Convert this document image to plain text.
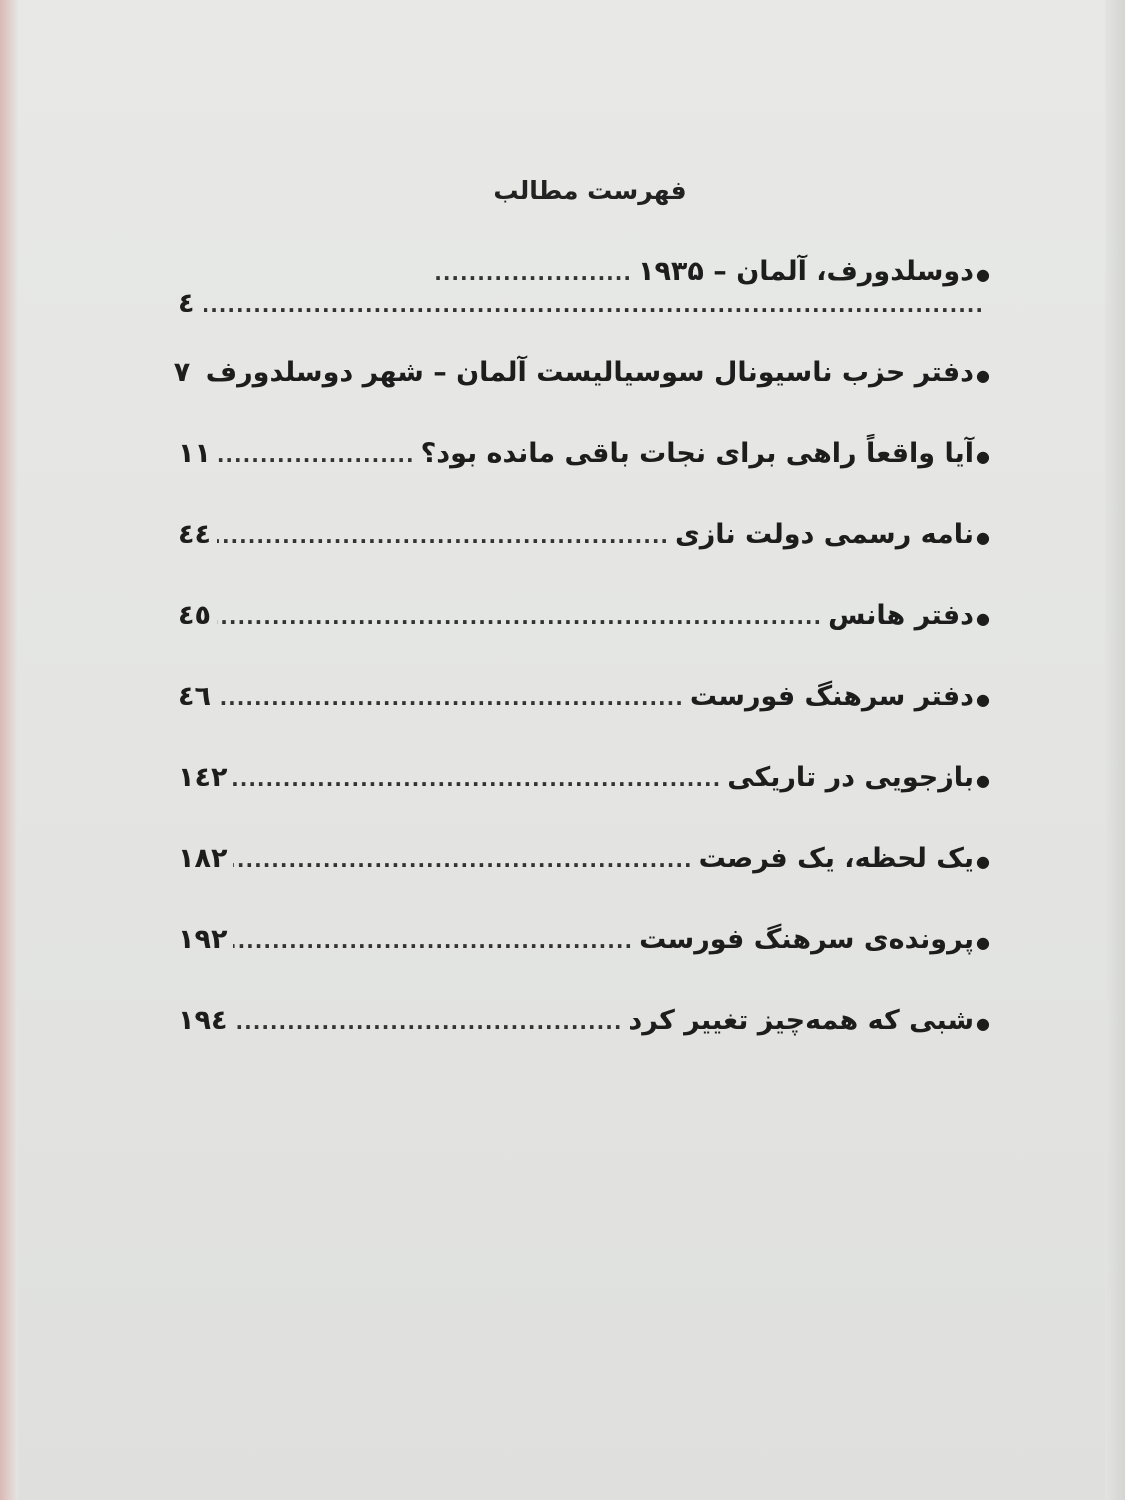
فهرست مطالب
●
دوسلدورف، آلمان – ۱۹۳۵
.....
.....
٤
●
دفتر حزب ناسیونال سوسیالیست آلمان – شهر دوسلدورف
۷
●
آیا واقعاً راهی برای نجات باقی مانده بود؟
.....
۱۱
●
نامه رسمی دولت نازی
.....
٤٤
●
دفتر هانس
.....
٤٥
●
دفتر سرهنگ فورست
.....
٤٦
●
بازجویی در تاریکی
.....
۱٤۲
●
یک لحظه، یک فرصت
.....
۱۸۲
●
پرونده‌ی سرهنگ فورست
.....
۱۹۲
●
شبی که همه‌چیز تغییر کرد
.....
۱۹٤
